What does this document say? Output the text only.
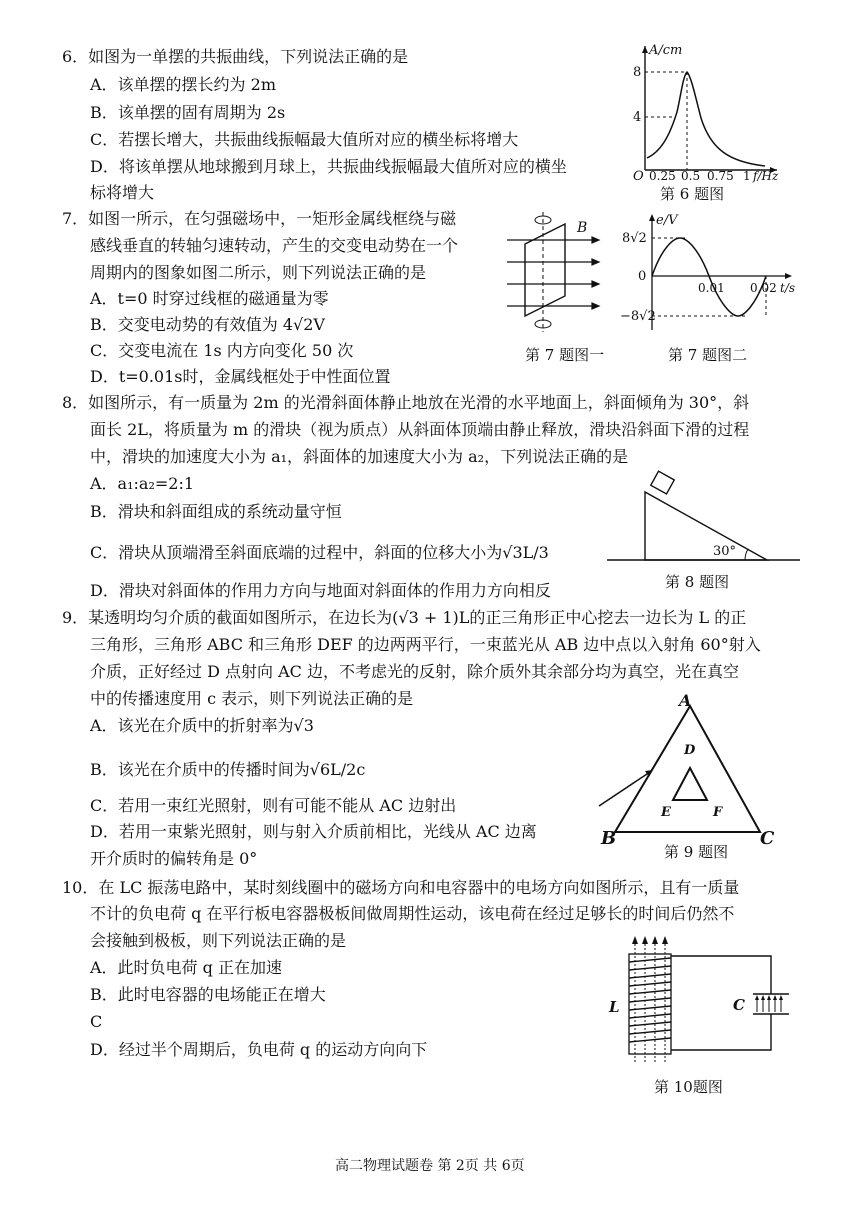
6．如图为一单摆的共振曲线，下列说法正确的是
A．该单摆的摆长约为 2m
B．该单摆的固有周期为 2s
C．若摆长增大，共振曲线振幅最大值所对应的横坐标将增大
D．将该单摆从地球搬到月球上，共振曲线振幅最大值所对应的横坐
标将增大
8
4
A/cm
O 0.25 0.5 0.75 1 f/Hz
第 6 题图
7．如图一所示，在匀强磁场中，一矩形金属线框绕与磁
感线垂直的转轴匀速转动，产生的交变电动势在一个
周期内的图象如图二所示，则下列说法正确的是
A．t=0 时穿过线框的磁通量为零
B．交变电动势的有效值为 4√2V
C．交变电流在 1s 内方向变化 50 次
D．t=0.01s时，金属线框处于中性面位置
B
第 7 题图一
8√2
0
−8√2
e/V
0.01 0.02 t/s
第 7 题图二
8．如图所示，有一质量为 2m 的光滑斜面体静止地放在光滑的水平地面上，斜面倾角为 30°，斜
面长 2L，将质量为 m 的滑块（视为质点）从斜面体顶端由静止释放，滑块沿斜面下滑的过程
中，滑块的加速度大小为 a₁，斜面体的加速度大小为 a₂，下列说法正确的是
A．a₁:a₂=2:1
B．滑块和斜面组成的系统动量守恒
C．滑块从顶端滑至斜面底端的过程中，斜面的位移大小为√3L/3
D．滑块对斜面体的作用力方向与地面对斜面体的作用力方向相反
30°
第 8 题图
9．某透明均匀介质的截面如图所示，在边长为(√3 + 1)L的正三角形正中心挖去一边长为 L 的正
三角形，三角形 ABC 和三角形 DEF 的边两两平行，一束蓝光从 AB 边中点以入射角 60°射入
介质，正好经过 D 点射向 AC 边，不考虑光的反射，除介质外其余部分均为真空，光在真空
中的传播速度用 c 表示，则下列说法正确的是
A．该光在介质中的折射率为√3
B．该光在介质中的传播时间为√6L/2c
C．若用一束红光照射，则有可能不能从 AC 边射出
D．若用一束紫光照射，则与射入介质前相比，光线从 AC 边离
开介质时的偏转角是 0°
A
B	C
D
E	F
第 9 题图
10．在 LC 振荡电路中，某时刻线圈中的磁场方向和电容器中的电场方向如图所示，且有一质量
不计的负电荷 q 在平行板电容器极板间做周期性运动，该电荷在经过足够长的时间后仍然不
会接触到极板，则下列说法正确的是
A．此时负电荷 q 正在加速
B．此时电容器的电场能正在增大
C
D．经过半个周期后，负电荷 q 的运动方向向下
L	C
第 10题图
高二物理试题卷 第 2页 共 6页
